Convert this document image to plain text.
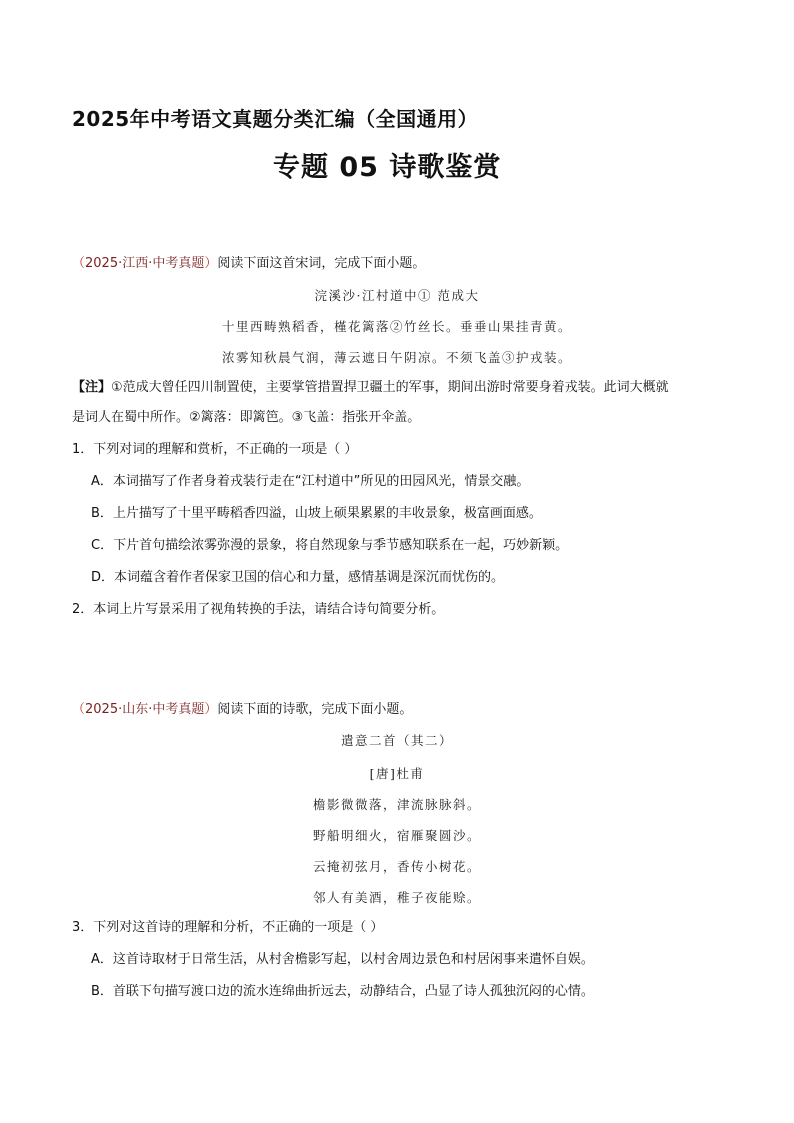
2025年中考语文真题分类汇编（全国通用）
专题 05 诗歌鉴赏
（2025·江西·中考真题）阅读下面这首宋词，完成下面小题。
浣溪沙·江村道中① 范成大
十里西畴熟稻香，槿花篱落②竹丝长。垂垂山果挂青黄。
浓雾知秋晨气润，薄云遮日午阴凉。不须飞盖③护戎装。
【注】①范成大曾任四川制置使，主要掌管措置捍卫疆土的军事，期间出游时常要身着戎装。此词大概就
是词人在蜀中所作。②篱落：即篱笆。③飞盖：指张开伞盖。
1．下列对词的理解和赏析，不正确的一项是（ ）
A．本词描写了作者身着戎装行走在“江村道中”所见的田园风光，情景交融。
B．上片描写了十里平畴稻香四溢，山坡上硕果累累的丰收景象，极富画面感。
C．下片首句描绘浓雾弥漫的景象，将自然现象与季节感知联系在一起，巧妙新颖。
D．本词蕴含着作者保家卫国的信心和力量，感情基调是深沉而忧伤的。
2．本词上片写景采用了视角转换的手法，请结合诗句简要分析。
（2025·山东·中考真题）阅读下面的诗歌，完成下面小题。
遣意二首（其二）
[唐]杜甫
檐影微微落，津流脉脉斜。
野船明细火，宿雁聚圆沙。
云掩初弦月，香传小树花。
邻人有美酒，稚子夜能赊。
3．下列对这首诗的理解和分析，不正确的一项是（ ）
A．这首诗取材于日常生活，从村舍檐影写起，以村舍周边景色和村居闲事来遣怀自娱。
B．首联下句描写渡口边的流水连绵曲折远去，动静结合，凸显了诗人孤独沉闷的心情。
